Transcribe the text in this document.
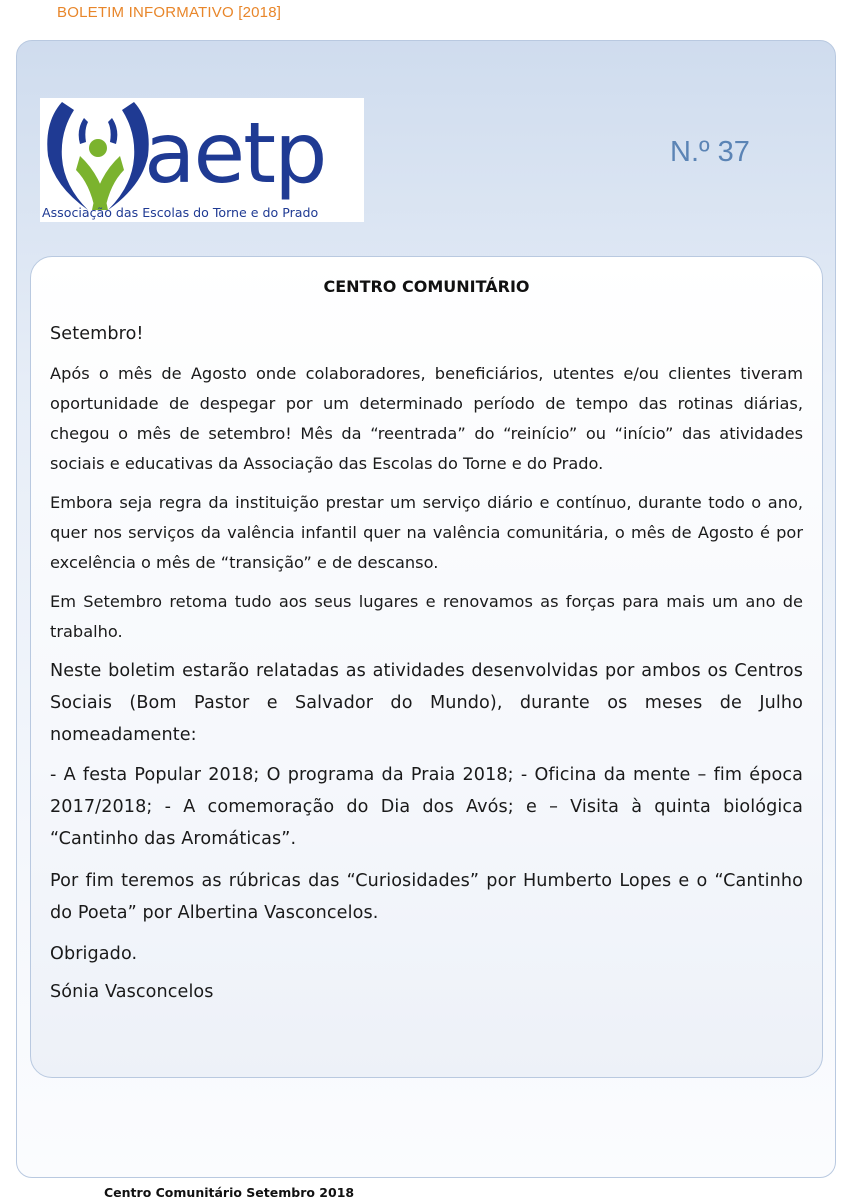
BOLETIM INFORMATIVO [2018]
aetp
Associação das Escolas do Torne e do Prado
N.º 37
CENTRO COMUNITÁRIO

Setembro!

Após o mês de Agosto onde colaboradores, beneficiários, utentes e/ou clientes tiveram oportunidade de despegar por um determinado período de tempo das rotinas diárias, chegou o mês de setembro! Mês da “reentrada” do “reinício” ou “início” das atividades sociais e educativas da Associação das Escolas do Torne e do Prado.

Embora seja regra da instituição prestar um serviço diário e contínuo, durante todo o ano, quer nos serviços da valência infantil quer na valência comunitária, o mês de Agosto é por excelência o mês de “transição” e de descanso.

Em Setembro retoma tudo aos seus lugares e renovamos as forças para mais um ano de trabalho.

Neste boletim estarão relatadas as atividades desenvolvidas por ambos os Centros Sociais (Bom Pastor e Salvador do Mundo), durante os meses de Julho nomeadamente:

- A festa Popular 2018; O programa da Praia 2018; - Oficina da mente – fim época 2017/2018; - A comemoração do Dia dos Avós; e – Visita à quinta biológica “Cantinho das Aromáticas”.

Por fim teremos as rúbricas das “Curiosidades” por Humberto Lopes e o “Cantinho do Poeta” por Albertina Vasconcelos.

Obrigado.

Sónia Vasconcelos

Centro Comunitário Setembro 2018
